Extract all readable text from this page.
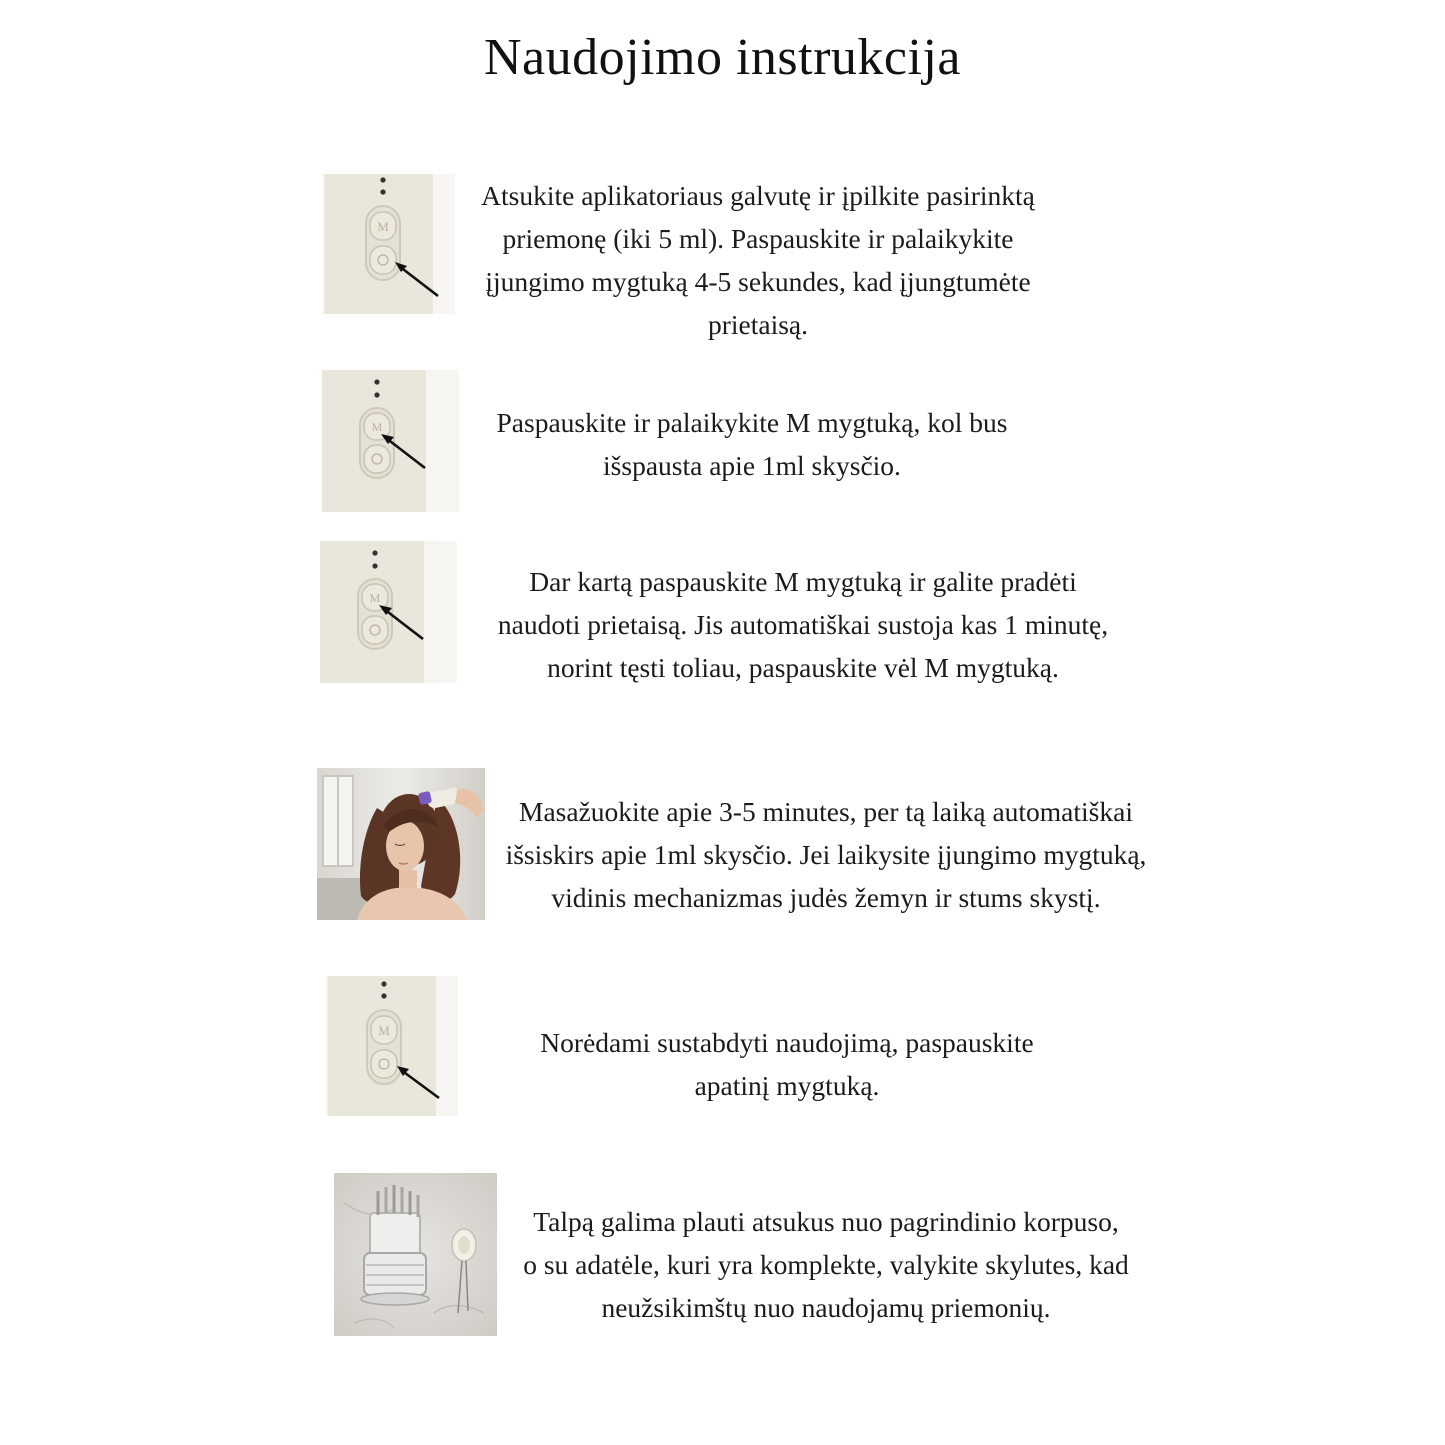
Naudojimo instrukcija
M
Atsukite aplikatoriaus galvutę ir įpilkite pasirinktą
priemonę (iki 5 ml). Paspauskite ir palaikykite
įjungimo mygtuką 4-5 sekundes, kad įjungtumėte
prietaisą.
M	Paspauskite ir palaikykite M mygtuką, kol bus
išspausta apie 1ml skysčio.
M
Dar kartą paspauskite M mygtuką ir galite pradėti
naudoti prietaisą. Jis automatiškai sustoja kas 1 minutę,
norint tęsti toliau, paspauskite vėl M mygtuką.
Masažuokite apie 3-5 minutes, per tą laiką automatiškai
išsiskirs apie 1ml skysčio. Jei laikysite įjungimo mygtuką,
vidinis mechanizmas judės žemyn ir stums skystį.
M	Norėdami sustabdyti naudojimą, paspauskite
apatinį mygtuką.
Talpą galima plauti atsukus nuo pagrindinio korpuso,
o su adatėle, kuri yra komplekte, valykite skylutes, kad
neužsikimštų nuo naudojamų priemonių.
